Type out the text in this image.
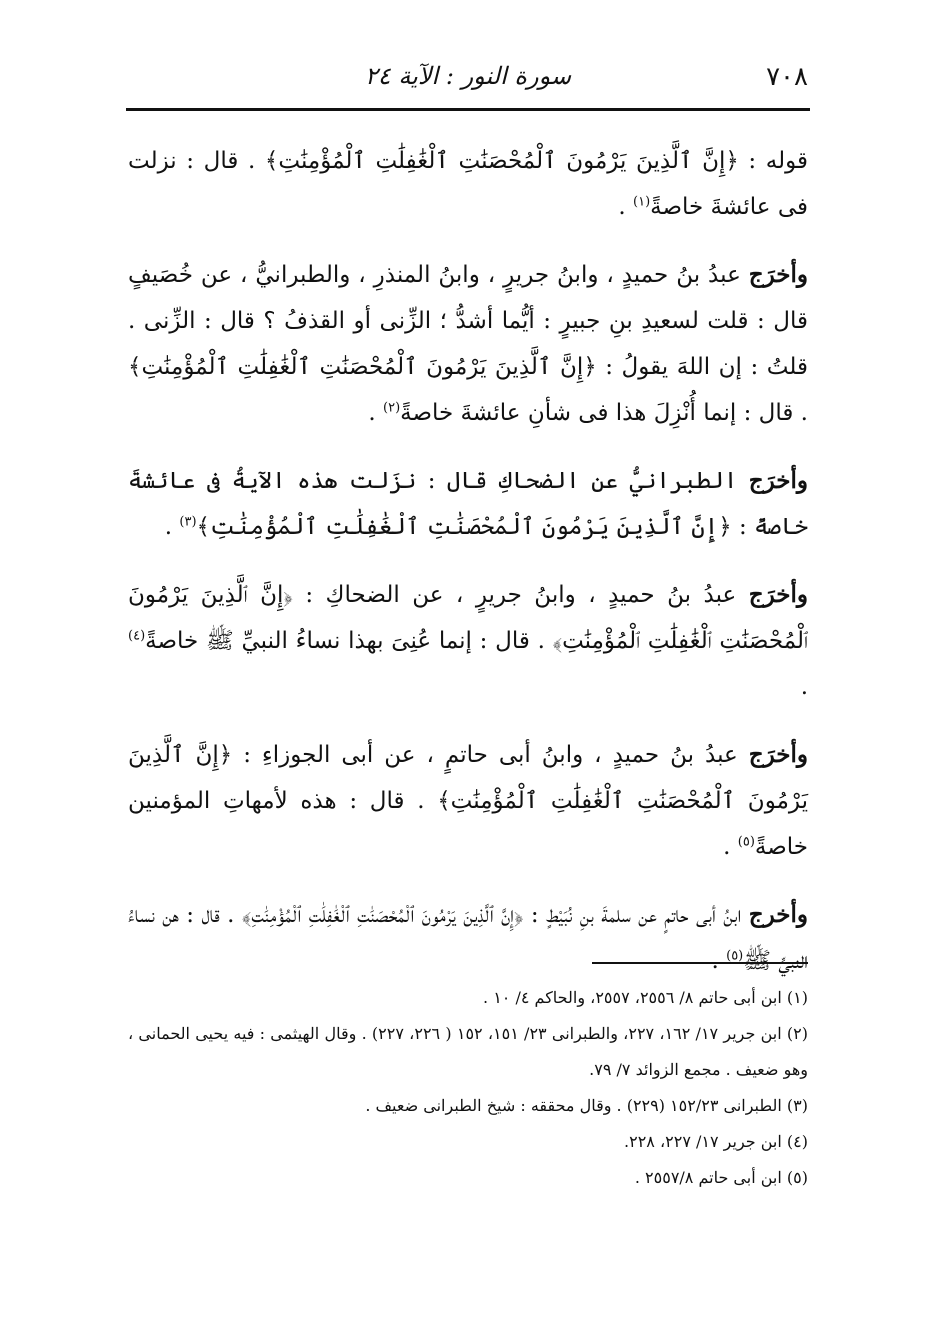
٧٠٨
سورة النور : الآية ٢٤

قوله : ﴿إِنَّ ٱلَّذِينَ يَرْمُونَ ٱلْمُحْصَنَٰتِ ٱلْغَٰفِلَٰتِ ٱلْمُؤْمِنَٰتِ﴾ . قال : نزلت فى عائشةَ خاصةً$^{(١)}$ .

وأخرَج عبدُ بنُ حميدٍ ، وابنُ جريرٍ ، وابنُ المنذرِ ، والطبرانيُّ ، عن خُصَيفٍ قال : قلت لسعيدِ بنِ جبيرٍ : أيُّما أشدُّ ؛ الزِّنى أو القذفُ ؟ قال : الزِّنى . قلتُ : إن اللهَ يقولُ : ﴿إِنَّ ٱلَّذِينَ يَرْمُونَ ٱلْمُحْصَنَٰتِ ٱلْغَٰفِلَٰتِ ٱلْمُؤْمِنَٰتِ﴾ . قال : إنما أُنْزِلَ هذا فى شأنِ عائشةَ خاصةً$^{(٢)}$ .

وأخرَج الطبرانيُّ عن الضحاكِ قال : نزَلت هذه الآيةُ فى عائشةَ خاصةً : ﴿إِنَّ ٱلَّذِينَ يَرْمُونَ ٱلْمُحْصَنَٰتِ ٱلْغَٰفِلَٰتِ ٱلْمُؤْمِنَٰتِ﴾$^{(٣)}$ .

وأخرَج عبدُ بنُ حميدٍ ، وابنُ جريرٍ ، عن الضحاكِ : ﴿إِنَّ ٱلَّذِينَ يَرْمُونَ ٱلْمُحْصَنَٰتِ ٱلْغَٰفِلَٰتِ ٱلْمُؤْمِنَٰتِ﴾ . قال : إنما عُنِىَ بهذا نساءُ النبيِّ ﷺ خاصةً$^{(٤)}$ .

وأخرَج عبدُ بنُ حميدٍ ، وابنُ أبى حاتمٍ ، عن أبى الجوزاءِ : ﴿إِنَّ ٱلَّذِينَ يَرْمُونَ ٱلْمُحْصَنَٰتِ ٱلْغَٰفِلَٰتِ ٱلْمُؤْمِنَٰتِ﴾ . قال : هذه لأمهاتِ المؤمنين خاصةً$^{(٥)}$ .

وأخرج ابنُ أبى حاتمٍ عن سلمةَ بنِ نُبَيْطٍ : ﴿إِنَّ ٱلَّذِينَ يَرْمُونَ ٱلْمُحْصَنَٰتِ ٱلْغَٰفِلَٰتِ ٱلْمُؤْمِنَٰتِ﴾ . قال : هن نساءُ النبيِّ ﷺ$^{(٥)}$ .

(١) ابن أبى حاتم ٨/ ٢٥٥٦، ٢٥٥٧، والحاكم ٤/ ١٠ .

(٢) ابن جرير ١٧/ ١٦٢، ٢٢٧، والطبرانى ٢٣/ ١٥١، ١٥٢ ( ٢٢٦، ٢٢٧) . وقال الهيثمى : فيه يحيى الحمانى ، وهو ضعيف . مجمع الزوائد ٧/ ٧٩.

(٣) الطبرانى ١٥٢/٢٣ (٢٢٩) . وقال محققه : شيخ الطبرانى ضعيف .

(٤) ابن جرير ١٧/ ٢٢٧، ٢٢٨.

(٥) ابن أبى حاتم ٢٥٥٧/٨ .
